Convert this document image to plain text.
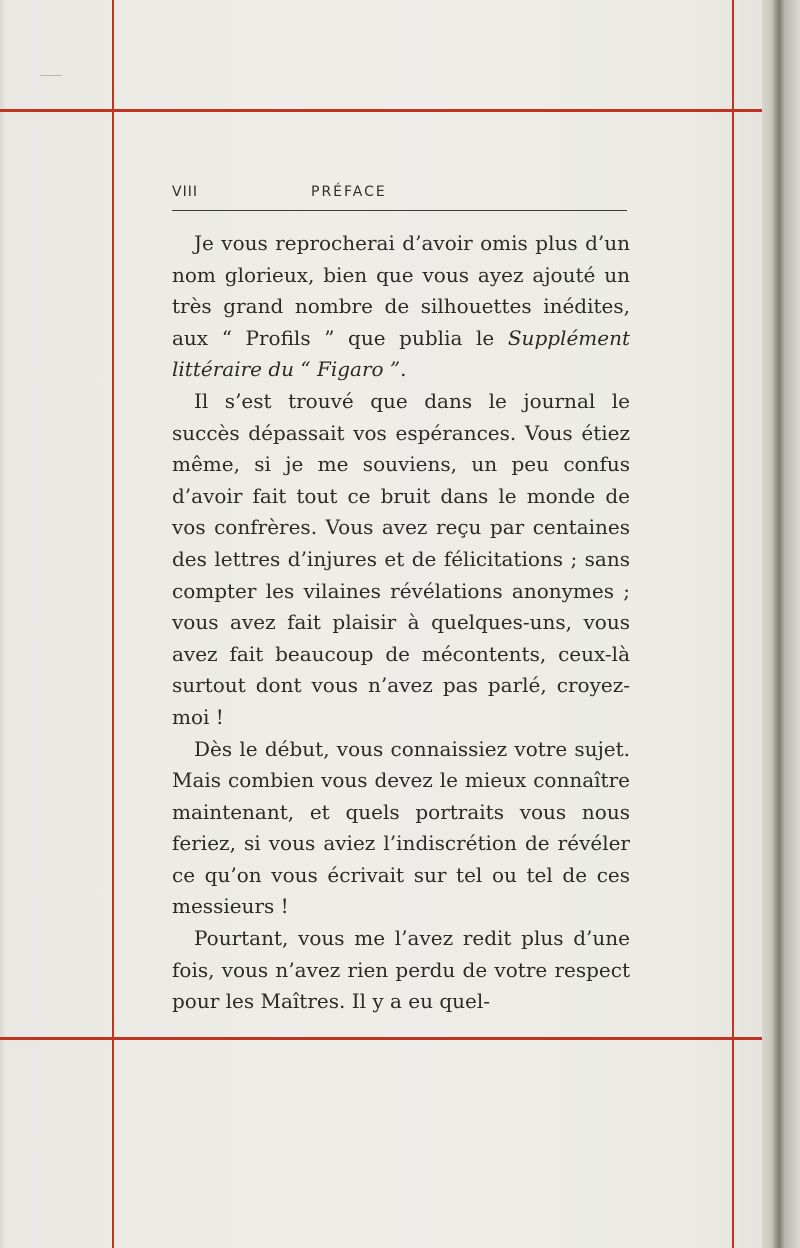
VIII	PRÉFACE

Je vous reprocherai d’avoir omis plus d’un nom glorieux, bien que vous ayez ajouté un très grand nombre de silhouettes inédites, aux “ Profils ” que publia le Supplément littéraire du “ Figaro ”.

Il s’est trouvé que dans le journal le succès dépassait vos espérances. Vous étiez même, si je me souviens, un peu confus d’avoir fait tout ce bruit dans le monde de vos confrères. Vous avez reçu par centaines des lettres d’injures et de félicitations ; sans compter les vilaines révélations anonymes ; vous avez fait plaisir à quelques-uns, vous avez fait beaucoup de mécontents, ceux-là surtout dont vous n’avez pas parlé, croyez-moi !

Dès le début, vous connaissiez votre sujet. Mais combien vous devez le mieux connaître maintenant, et quels portraits vous nous feriez, si vous aviez l’indiscrétion de révéler ce qu’on vous écrivait sur tel ou tel de ces messieurs !

Pourtant, vous me l’avez redit plus d’une fois, vous n’avez rien perdu de votre respect pour les Maîtres. Il y a eu quel-
